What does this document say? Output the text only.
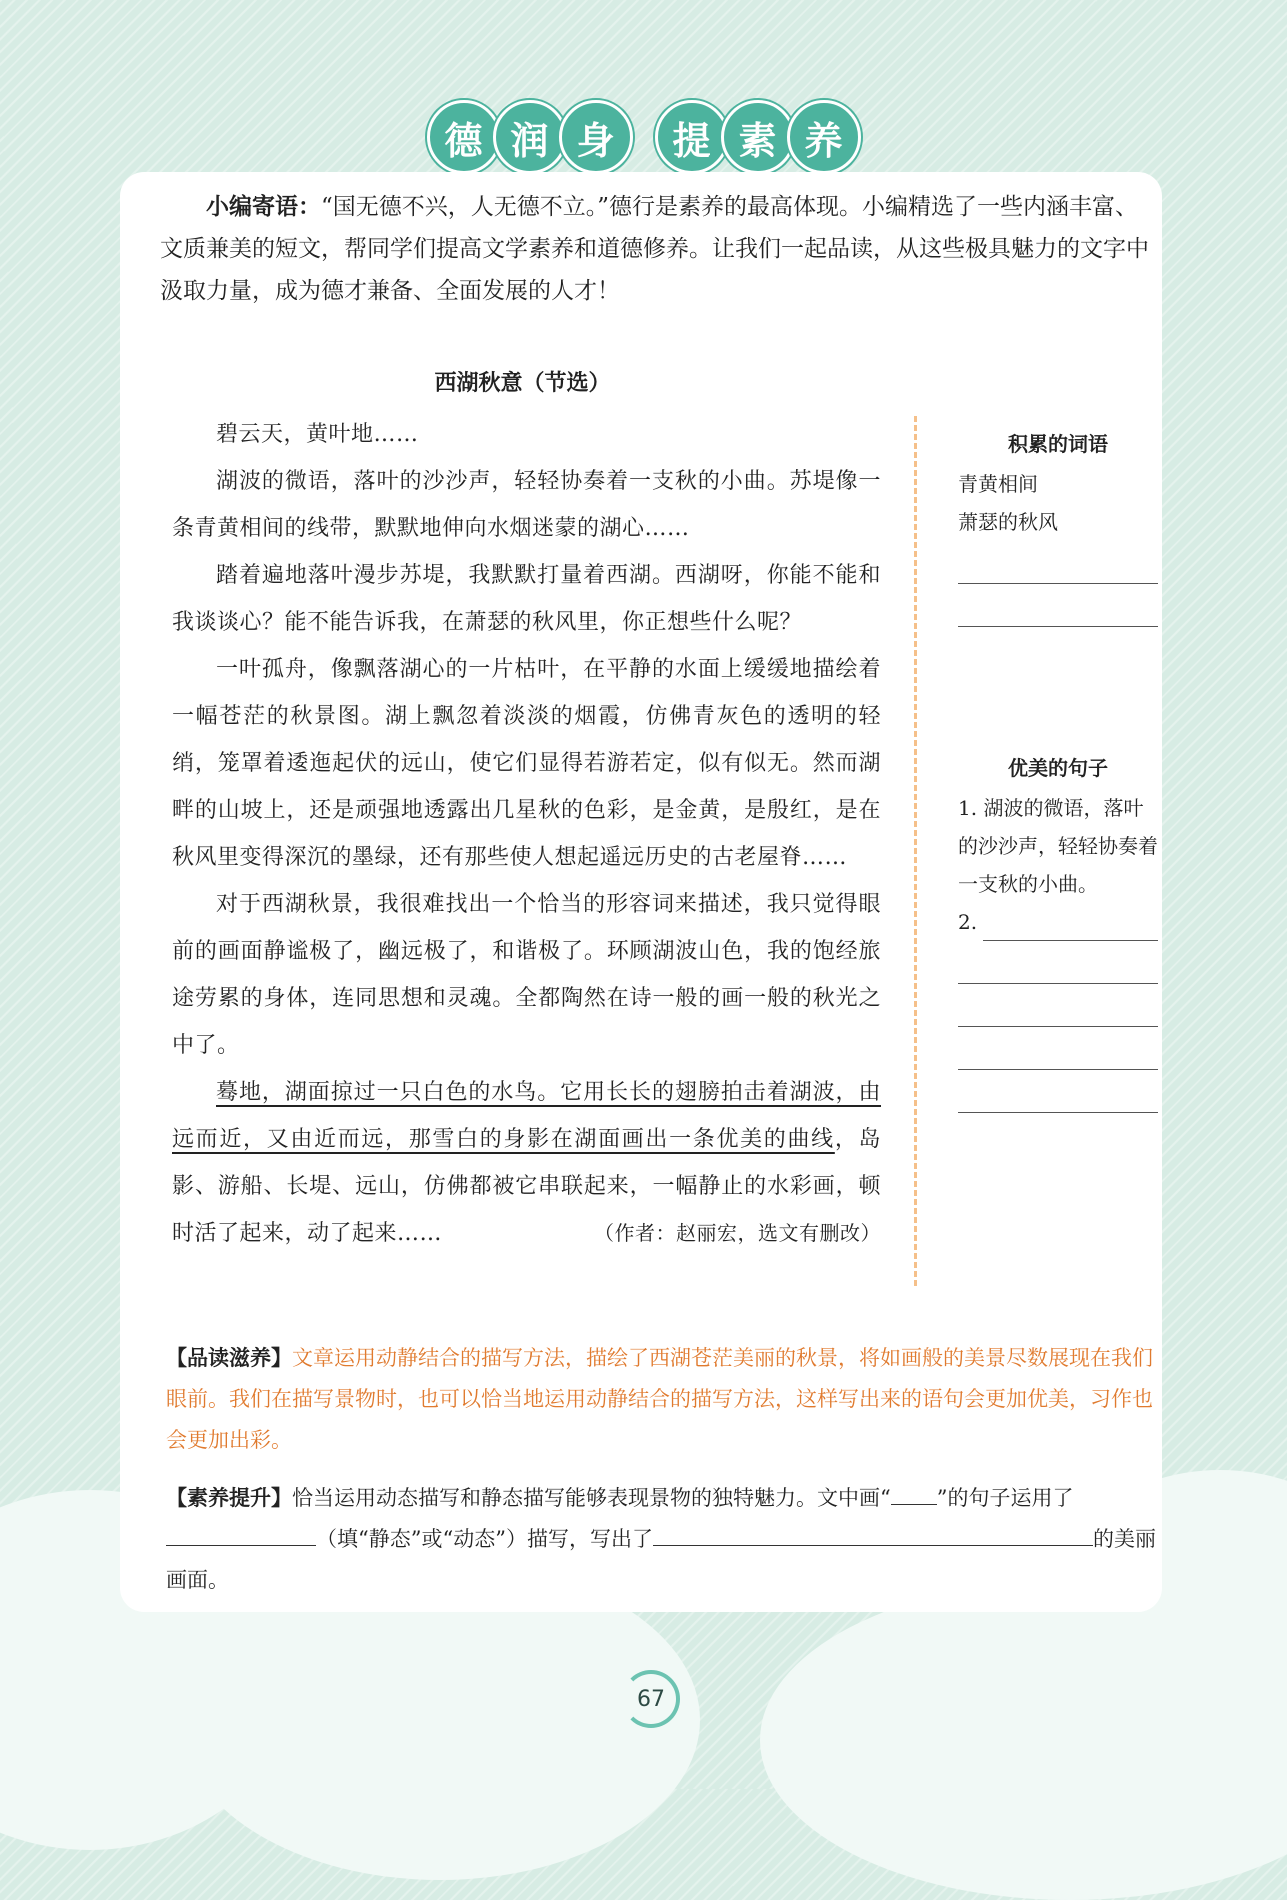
德 润 身	提 素 养
小编寄语：“国无德不兴，人无德不立。”德行是素养的最高体现。小编精选了一些内涵丰富、文质兼美的短文，帮同学们提高文学素养和道德修养。让我们一起品读，从这些极具魅力的文字中汲取力量，成为德才兼备、全面发展的人才！
西湖秋意（节选）

碧云天，黄叶地……

湖波的微语，落叶的沙沙声，轻轻协奏着一支秋的小曲。苏堤像一条青黄相间的线带，默默地伸向水烟迷蒙的湖心……

踏着遍地落叶漫步苏堤，我默默打量着西湖。西湖呀，你能不能和我谈谈心？能不能告诉我，在萧瑟的秋风里，你正想些什么呢？

一叶孤舟，像飘落湖心的一片枯叶，在平静的水面上缓缓地描绘着一幅苍茫的秋景图。湖上飘忽着淡淡的烟霞，仿佛青灰色的透明的轻绡，笼罩着逶迤起伏的远山，使它们显得若游若定，似有似无。然而湖畔的山坡上，还是顽强地透露出几星秋的色彩，是金黄，是殷红，是在秋风里变得深沉的墨绿，还有那些使人想起遥远历史的古老屋脊……

对于西湖秋景，我很难找出一个恰当的形容词来描述，我只觉得眼前的画面静谧极了，幽远极了，和谐极了。环顾湖波山色，我的饱经旅途劳累的身体，连同思想和灵魂。全都陶然在诗一般的画一般的秋光之中了。

蓦地，湖面掠过一只白色的水鸟。它用长长的翅膀拍击着湖波，由远而近，又由近而远，那雪白的身影在湖面画出一条优美的曲线，岛影、游船、长堤、远山，仿佛都被它串联起来，一幅静止的水彩画，顿时活了起来，动了起来……	（作者：赵丽宏，选文有删改）

积累的词语
青黄相间
萧瑟的秋风
优美的句子
1. 湖波的微语，落叶的沙沙声，轻轻协奏着一支秋的小曲。
2.
【品读滋养】文章运用动静结合的描写方法，描绘了西湖苍茫美丽的秋景，将如画般的美景尽数展现在我们眼前。我们在描写景物时，也可以恰当地运用动静结合的描写方法，这样写出来的语句会更加优美，习作也会更加出彩。
【素养提升】恰当运用动态描写和静态描写能够表现景物的独特魅力。文中画“ ”的句子运用了（填“静态”或“动态”）描写，写出了	的美丽画面。
67
